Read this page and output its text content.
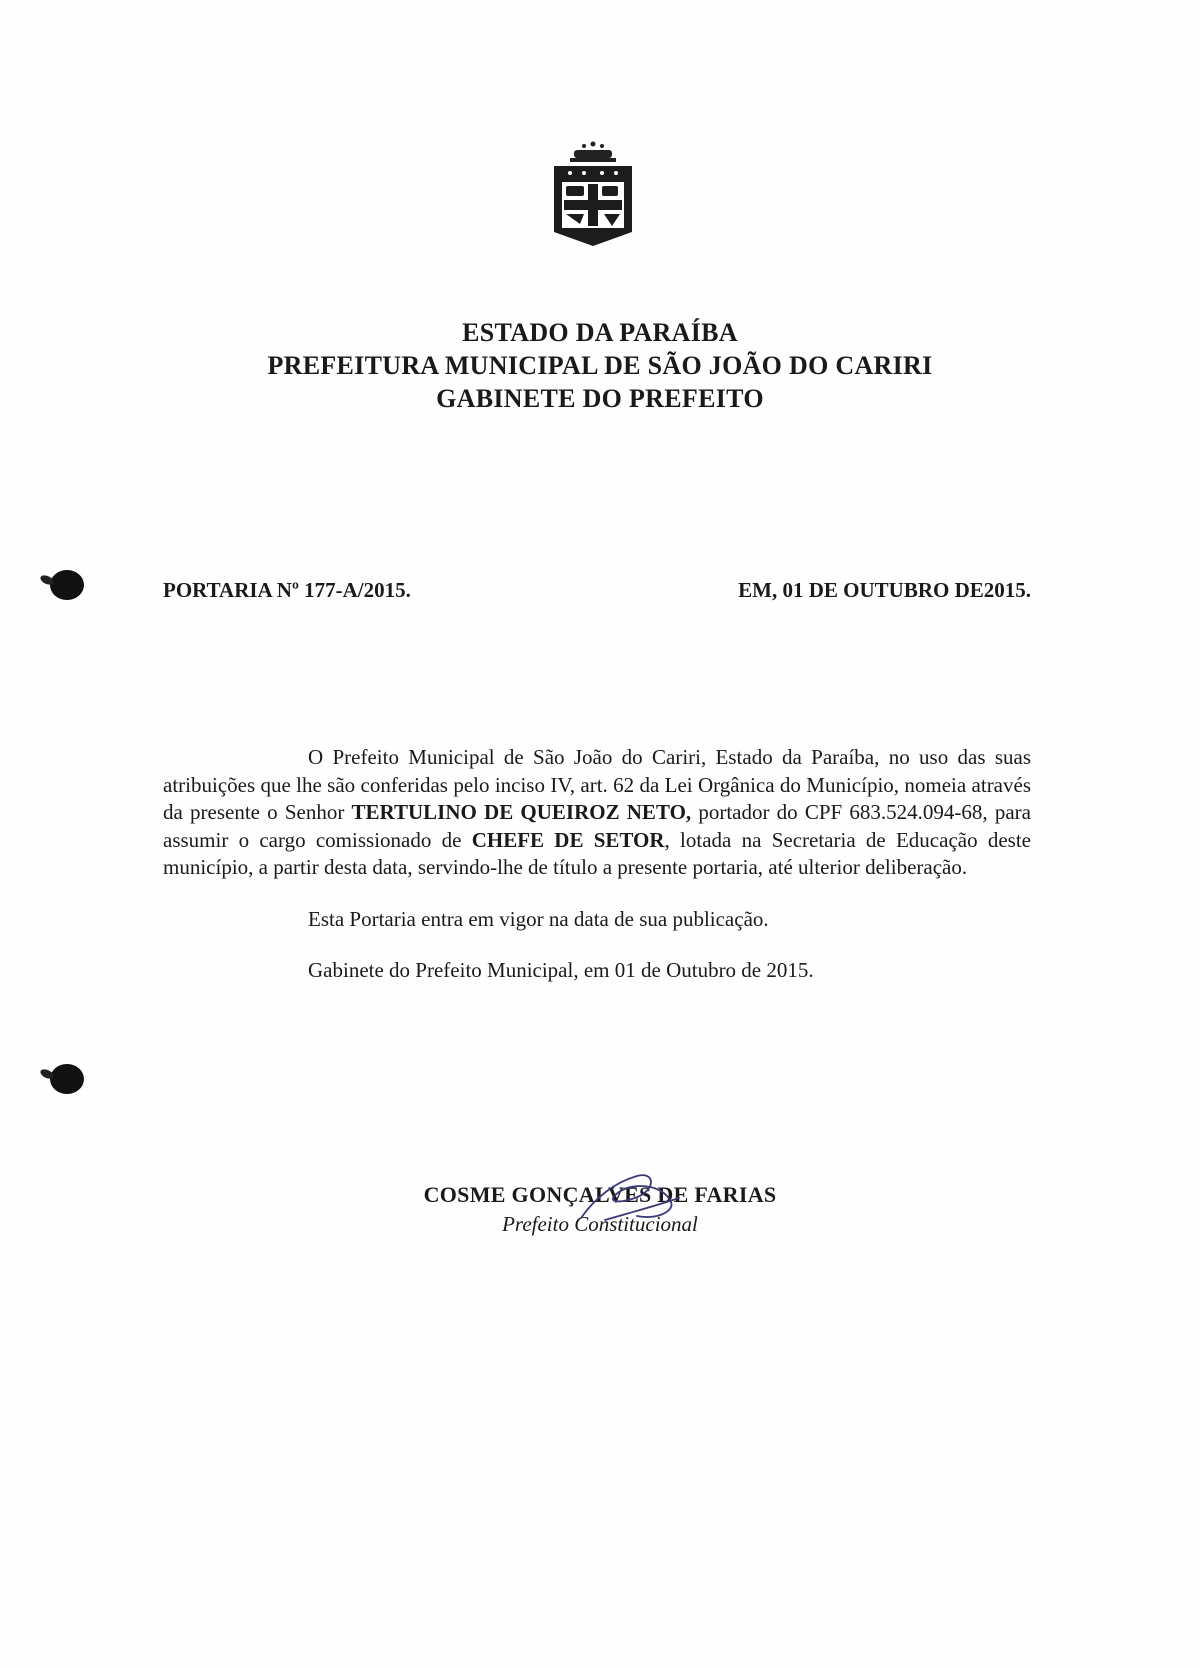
ESTADO DA PARAÍBA
PREFEITURA MUNICIPAL DE SÃO JOÃO DO CARIRI
GABINETE DO PREFEITO
PORTARIA Nº 177-A/2015.	EM, 01 DE OUTUBRO DE2015.

O Prefeito Municipal de São João do Cariri, Estado da Paraíba, no uso das suas atribuições que lhe são conferidas pelo inciso IV, art. 62 da Lei Orgânica do Município, nomeia através da presente o Senhor TERTULINO DE QUEIROZ NETO, portador do CPF 683.524.094-68, para assumir o cargo comissionado de CHEFE DE SETOR, lotada na Secretaria de Educação deste município, a partir desta data, servindo-lhe de título a presente portaria, até ulterior deliberação.

Esta Portaria entra em vigor na data de sua publicação.

Gabinete do Prefeito Municipal, em 01 de Outubro de 2015.

COSME GONÇALVES DE FARIAS
Prefeito Constitucional
